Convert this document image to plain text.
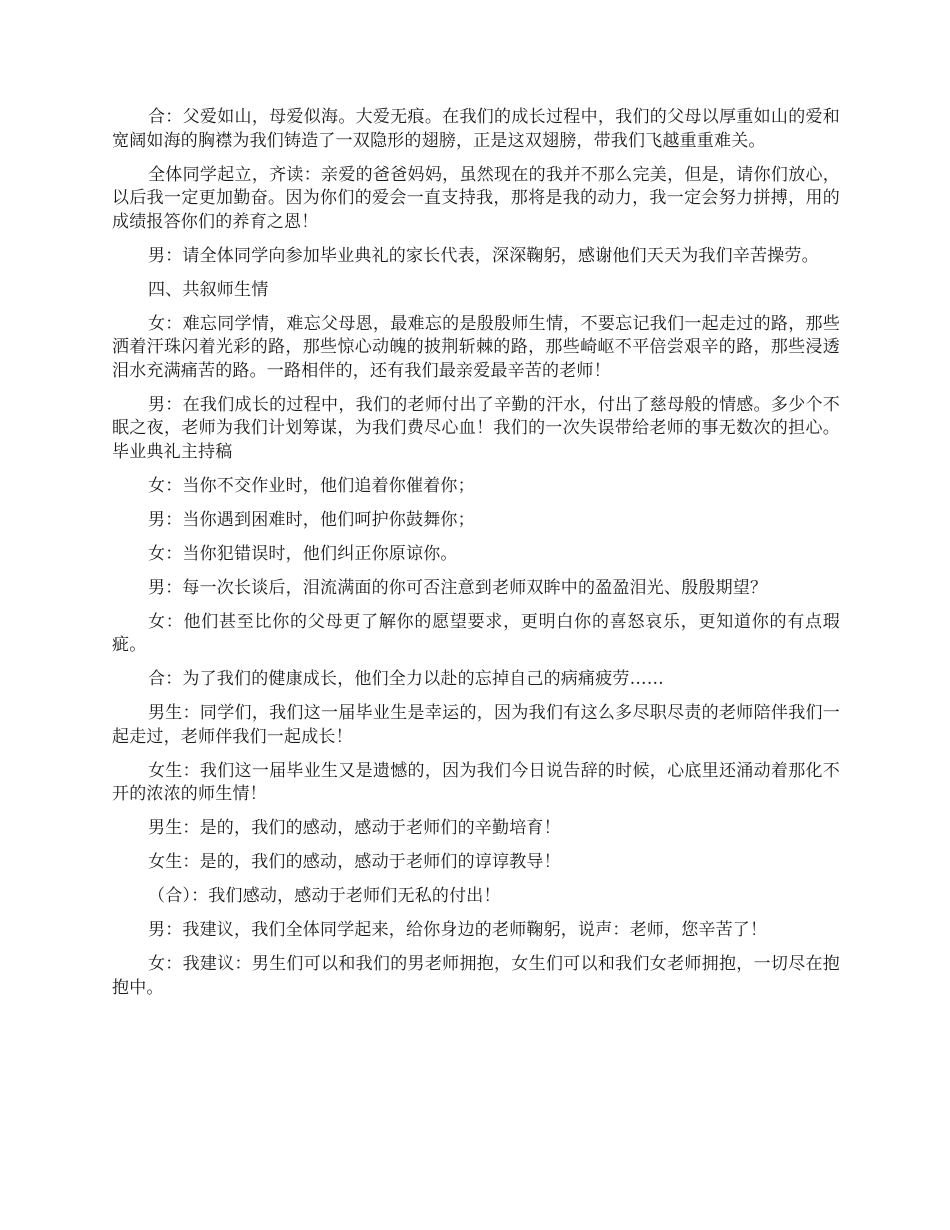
合：父爱如山，母爱似海。大爱无痕。在我们的成长过程中，我们的父母以厚重如山的爱和宽阔如海的胸襟为我们铸造了一双隐形的翅膀，正是这双翅膀，带我们飞越重重难关。

全体同学起立，齐读：亲爱的爸爸妈妈，虽然现在的我并不那么完美，但是，请你们放心，以后我一定更加勤奋。因为你们的爱会一直支持我，那将是我的动力，我一定会努力拼搏，用的成绩报答你们的养育之恩！

男：请全体同学向参加毕业典礼的家长代表，深深鞠躬，感谢他们天天为我们辛苦操劳。

四、共叙师生情

女：难忘同学情，难忘父母恩，最难忘的是殷殷师生情，不要忘记我们一起走过的路，那些洒着汗珠闪着光彩的路，那些惊心动魄的披荆斩棘的路，那些崎岖不平倍尝艰辛的路，那些浸透泪水充满痛苦的路。一路相伴的，还有我们最亲爱最辛苦的老师！

男：在我们成长的过程中，我们的老师付出了辛勤的汗水，付出了慈母般的情感。多少个不眠之夜，老师为我们计划筹谋，为我们费尽心血！我们的一次失误带给老师的事无数次的担心。毕业典礼主持稿

女：当你不交作业时，他们追着你催着你；

男：当你遇到困难时，他们呵护你鼓舞你；

女：当你犯错误时，他们纠正你原谅你。

男：每一次长谈后，泪流满面的你可否注意到老师双眸中的盈盈泪光、殷殷期望？

女：他们甚至比你的父母更了解你的愿望要求，更明白你的喜怒哀乐，更知道你的有点瑕疵。

合：为了我们的健康成长，他们全力以赴的忘掉自己的病痛疲劳……

男生：同学们，我们这一届毕业生是幸运的，因为我们有这么多尽职尽责的老师陪伴我们一起走过，老师伴我们一起成长！

女生：我们这一届毕业生又是遗憾的，因为我们今日说告辞的时候，心底里还涌动着那化不开的浓浓的师生情！

男生：是的，我们的感动，感动于老师们的辛勤培育！

女生：是的，我们的感动，感动于老师们的谆谆教导！

（合）：我们感动，感动于老师们无私的付出！

男：我建议，我们全体同学起来，给你身边的老师鞠躬，说声：老师，您辛苦了！

女：我建议：男生们可以和我们的男老师拥抱，女生们可以和我们女老师拥抱，一切尽在抱抱中。
